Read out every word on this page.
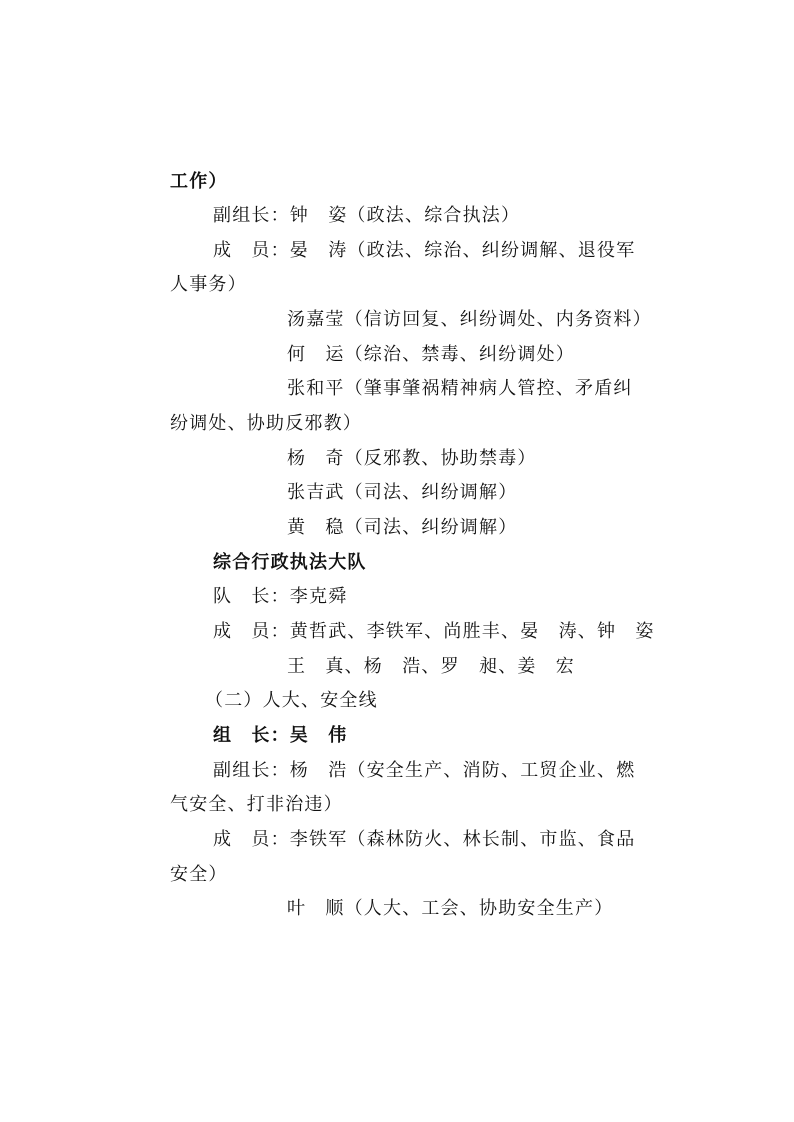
工作）
副组长：钟　姿（政法、综合执法）
成　员：晏　涛（政法、综治、纠纷调解、退役军
人事务）
汤嘉莹（信访回复、纠纷调处、内务资料）
何　运（综治、禁毒、纠纷调处）
张和平（肇事肇祸精神病人管控、矛盾纠
纷调处、协助反邪教）
杨　奇（反邪教、协助禁毒）
张吉武（司法、纠纷调解）
黄　稳（司法、纠纷调解）
综合行政执法大队
队　长：李克舜
成　员：黄哲武、李铁军、尚胜丰、晏　涛、钟　姿
王　真、杨　浩、罗　昶、姜　宏
（二）人大、安全线
组　长：吴　伟
副组长：杨　浩（安全生产、消防、工贸企业、燃
气安全、打非治违）
成　员：李铁军（森林防火、林长制、市监、食品
安全）
叶　顺（人大、工会、协助安全生产）
